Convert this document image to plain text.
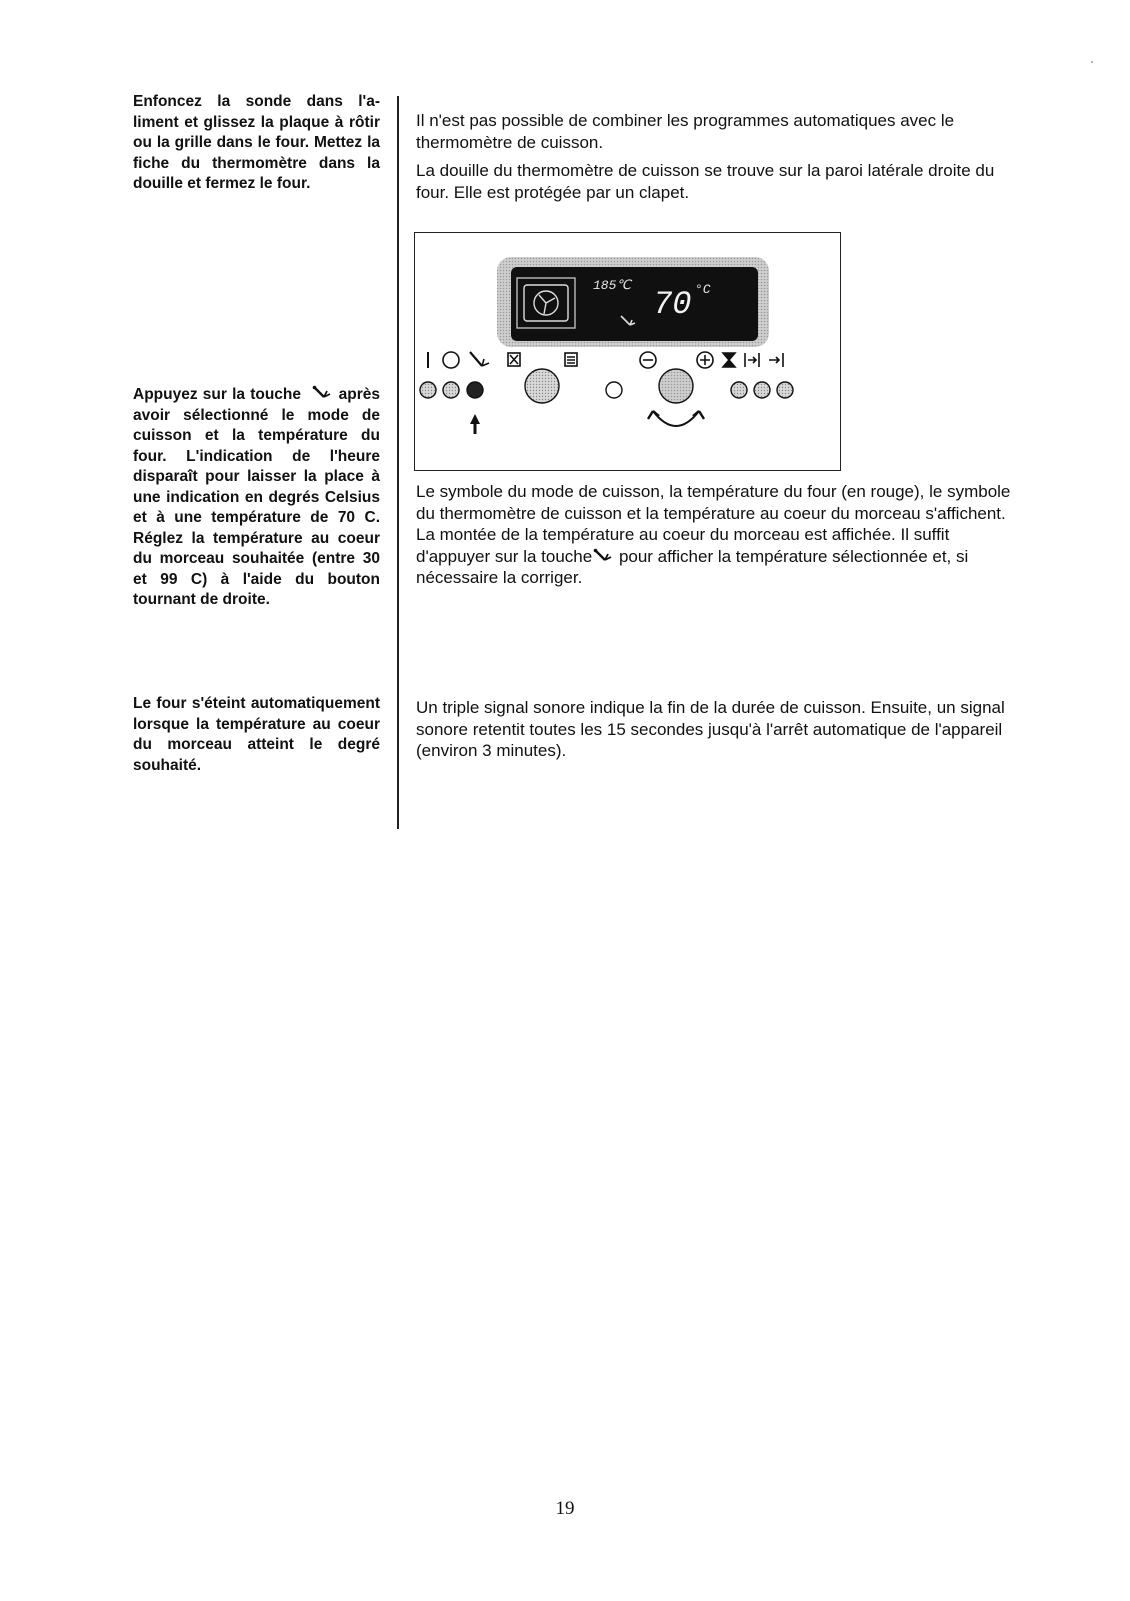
Enfoncez la sonde dans l'a-liment et glissez la plaque à rôtir ou la grille dans le four. Mettez la fiche du thermomètre dans la douille et fermez le four.

Appuyez sur la touche après avoir sélectionné le mode de cuisson et la température du four. L'indication de l'heure disparaît pour laisser la place à une indication en degrés Celsius et à une température de 70 C. Réglez la température au coeur du morceau souhaitée (entre 30 et 99 C) à l'aide du bouton tournant de droite.

Le four s'éteint automatiquement lorsque la température au coeur du morceau atteint le degré souhaité.

Il n'est pas possible de combiner les programmes automatiques avec le thermomètre de cuisson.

La douille du thermomètre de cuisson se trouve sur la paroi latérale droite du four. Elle est protégée par un clapet.

185℃
70 °C

Le symbole du mode de cuisson, la température du four (en rouge), le symbole du thermomètre de cuisson et la température au coeur du morceau s'affichent. La montée de la température au coeur du morceau est affichée. Il suffit d'appuyer sur la touche pour afficher la température sélectionnée et, si nécessaire la corriger.

Un triple signal sonore indique la fin de la durée de cuisson. Ensuite, un signal sonore retentit toutes les 15 secondes jusqu'à l'arrêt automatique de l'appareil (environ 3 minutes).

19
